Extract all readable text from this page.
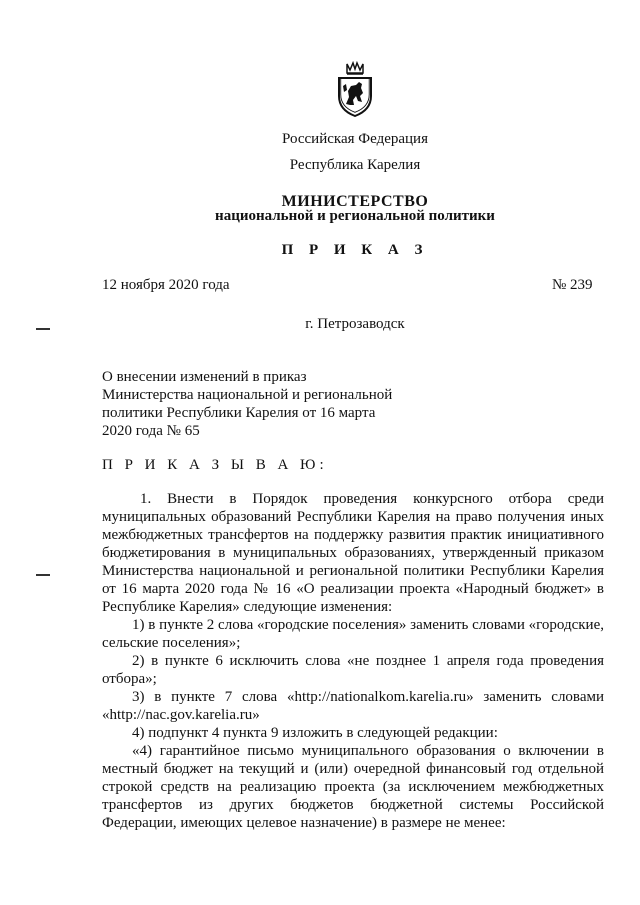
Российская Федерация
Республика Карелия
МИНИСТЕРСТВО
национальной и региональной политики
П Р И К А З
12 ноября 2020 года	№ 239
г. Петрозаводск
О внесении изменений в приказ
Министерства национальной и региональной
политики Республики Карелия от 16 марта
2020 года № 65
П Р И К А З Ы В А Ю:

1. Внести в Порядок проведения конкурсного отбора среди муниципальных образований Республики Карелия на право получения иных межбюджетных трансфертов на поддержку развития практик инициативного бюджетирования в муниципальных образованиях, утвержденный приказом Министерства национальной и региональной политики Республики Карелия от 16 марта 2020 года № 16 «О реализации проекта «Народный бюджет» в Республике Карелия» следующие изменения:

1) в пункте 2 слова «городские поселения» заменить словами «городские, сельские поселения»;

2) в пункте 6 исключить слова «не позднее 1 апреля года проведения отбора»;

3) в пункте 7 слова «http://nationalkom.karelia.ru» заменить словами «http://nac.gov.karelia.ru»

4) подпункт 4 пункта 9 изложить в следующей редакции:

«4) гарантийное письмо муниципального образования о включении в местный бюджет на текущий и (или) очередной финансовый год отдельной строкой средств на реализацию проекта (за исключением межбюджетных трансфертов из других бюджетов бюджетной системы Российской Федерации, имеющих целевое назначение) в размере не менее:
